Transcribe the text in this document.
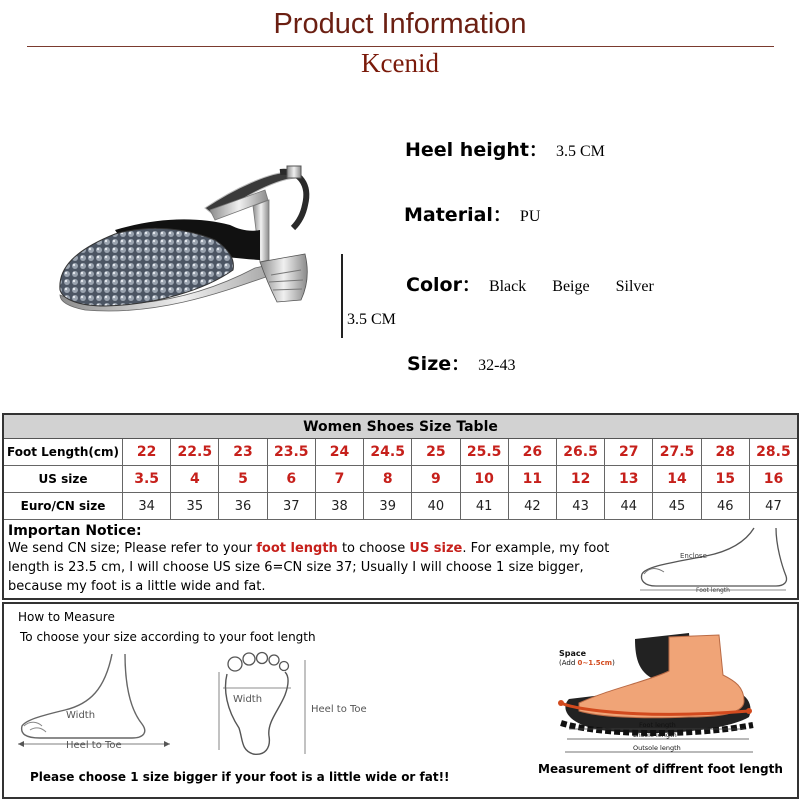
Product Information
Kcenid
3.5 CM
Heel height： 3.5 CM
Material： PU
Color： Black Beige Silver
Size： 32-43
Women Shoes Size Table
Foot Length(cm)	22	22.5	23	23.5	24	24.5	25	25.5	26	26.5	27	27.5	28	28.5
US size	3.5	4	5	6	7	8	9	10	11	12	13	14	15	16
Euro/CN size	34	35	36	37	38	39	40	41	42	43	44	45	46	47
Importan Notice:
We send CN size; Please refer to your foot length to choose US size. For example, my foot length is 23.5 cm, I will choose US size 6=CN size 37; Usually I will choose 1 size bigger, because my foot is a little wide and fat.
Enclose
Foot length
How to Measure
To choose your size according to your foot length
Width
Heel to Toe
Width
Heel to Toe
Space
(Add 0~1.5cm)
Foot length
Lnsole length
Outsole length
Measurement of diffrent foot length
Please choose 1 size bigger if your foot is a little wide or fat!!
